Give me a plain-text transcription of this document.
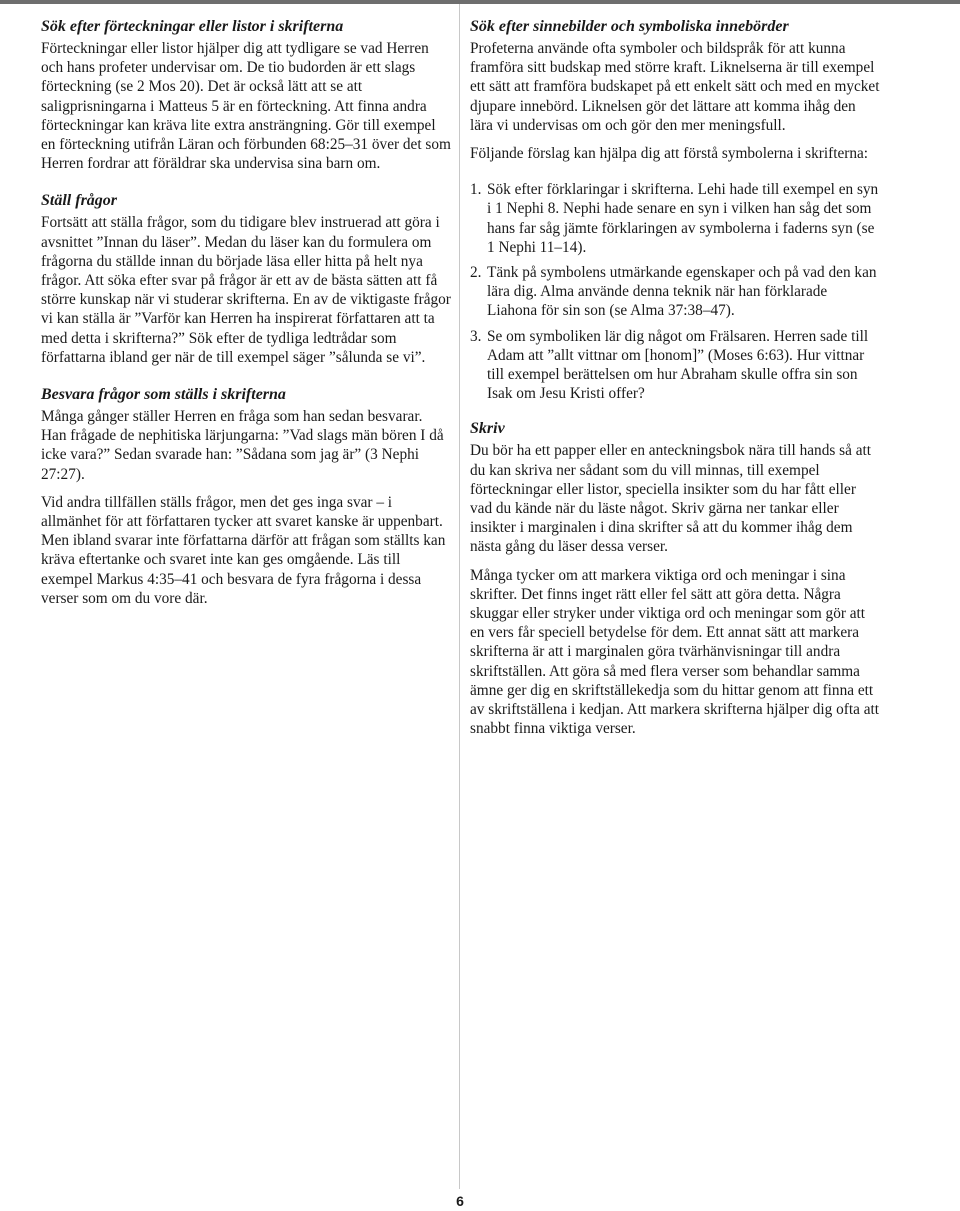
Sök efter förteckningar eller listor i skrifterna

Förteckningar eller listor hjälper dig att tydligare se vad Herren och hans profeter undervisar om. De tio budorden är ett slags förteckning (se 2 Mos 20). Det är också lätt att se att saligprisningarna i Matteus 5 är en förteckning. Att finna andra förteckningar kan kräva lite extra ansträngning. Gör till exempel en förteckning utifrån Läran och förbunden 68:25–31 över det som Herren fordrar att föräldrar ska undervisa sina barn om.

Ställ frågor

Fortsätt att ställa frågor, som du tidigare blev instruerad att göra i avsnittet ”Innan du läser”. Medan du läser kan du formulera om frågorna du ställde innan du började läsa eller hitta på helt nya frågor. Att söka efter svar på frågor är ett av de bästa sätten att få större kunskap när vi studerar skrifterna. En av de viktigaste frågor vi kan ställa är ”Varför kan Herren ha inspirerat författaren att ta med detta i skrifterna?” Sök efter de tydliga ledtrådar som författarna ibland ger när de till exempel säger ”sålunda se vi”.

Besvara frågor som ställs i skrifterna

Många gånger ställer Herren en fråga som han sedan besvarar. Han frågade de nephitiska lärjungarna: ”Vad slags män bören I då icke vara?” Sedan svarade han: ”Sådana som jag är” (3 Nephi 27:27).

Vid andra tillfällen ställs frågor, men det ges inga svar – i allmänhet för att författaren tycker att svaret kanske är uppenbart. Men ibland svarar inte författarna därför att frågan som ställts kan kräva eftertanke och svaret inte kan ges omgående. Läs till exempel Markus 4:35–41 och besvara de fyra frågorna i dessa verser som om du vore där.

Sök efter sinnebilder och symboliska innebörder

Profeterna använde ofta symboler och bildspråk för att kunna framföra sitt budskap med större kraft. Liknelserna är till exempel ett sätt att framföra budskapet på ett enkelt sätt och med en mycket djupare innebörd. Liknelsen gör det lättare att komma ihåg den lära vi undervisas om och gör den mer meningsfull.

Följande förslag kan hjälpa dig att förstå symbolerna i skrifterna:

1. Sök efter förklaringar i skrifterna. Lehi hade till exempel en syn i 1 Nephi 8. Nephi hade senare en syn i vilken han såg det som hans far såg jämte förklaringen av symbolerna i faderns syn (se 1 Nephi 11–14).
2. Tänk på symbolens utmärkande egenskaper och på vad den kan lära dig. Alma använde denna teknik när han förklarade Liahona för sin son (se Alma 37:38–47).
3. Se om symboliken lär dig något om Frälsaren. Herren sade till Adam att ”allt vittnar om [honom]” (Moses 6:63). Hur vittnar till exempel berättelsen om hur Abraham skulle offra sin son Isak om Jesu Kristi offer?
Skriv

Du bör ha ett papper eller en anteckningsbok nära till hands så att du kan skriva ner sådant som du vill minnas, till exempel förteckningar eller listor, speciella insikter som du har fått eller vad du kände när du läste något. Skriv gärna ner tankar eller insikter i marginalen i dina skrifter så att du kommer ihåg dem nästa gång du läser dessa verser.

Många tycker om att markera viktiga ord och meningar i sina skrifter. Det finns inget rätt eller fel sätt att göra detta. Några skuggar eller stryker under viktiga ord och meningar som gör att en vers får speciell betydelse för dem. Ett annat sätt att markera skrifterna är att i marginalen göra tvärhänvisningar till andra skriftställen. Att göra så med flera verser som behandlar samma ämne ger dig en skriftställekedja som du hittar genom att finna ett av skriftställena i kedjan. Att markera skrifterna hjälper dig ofta att snabbt finna viktiga verser.

6
